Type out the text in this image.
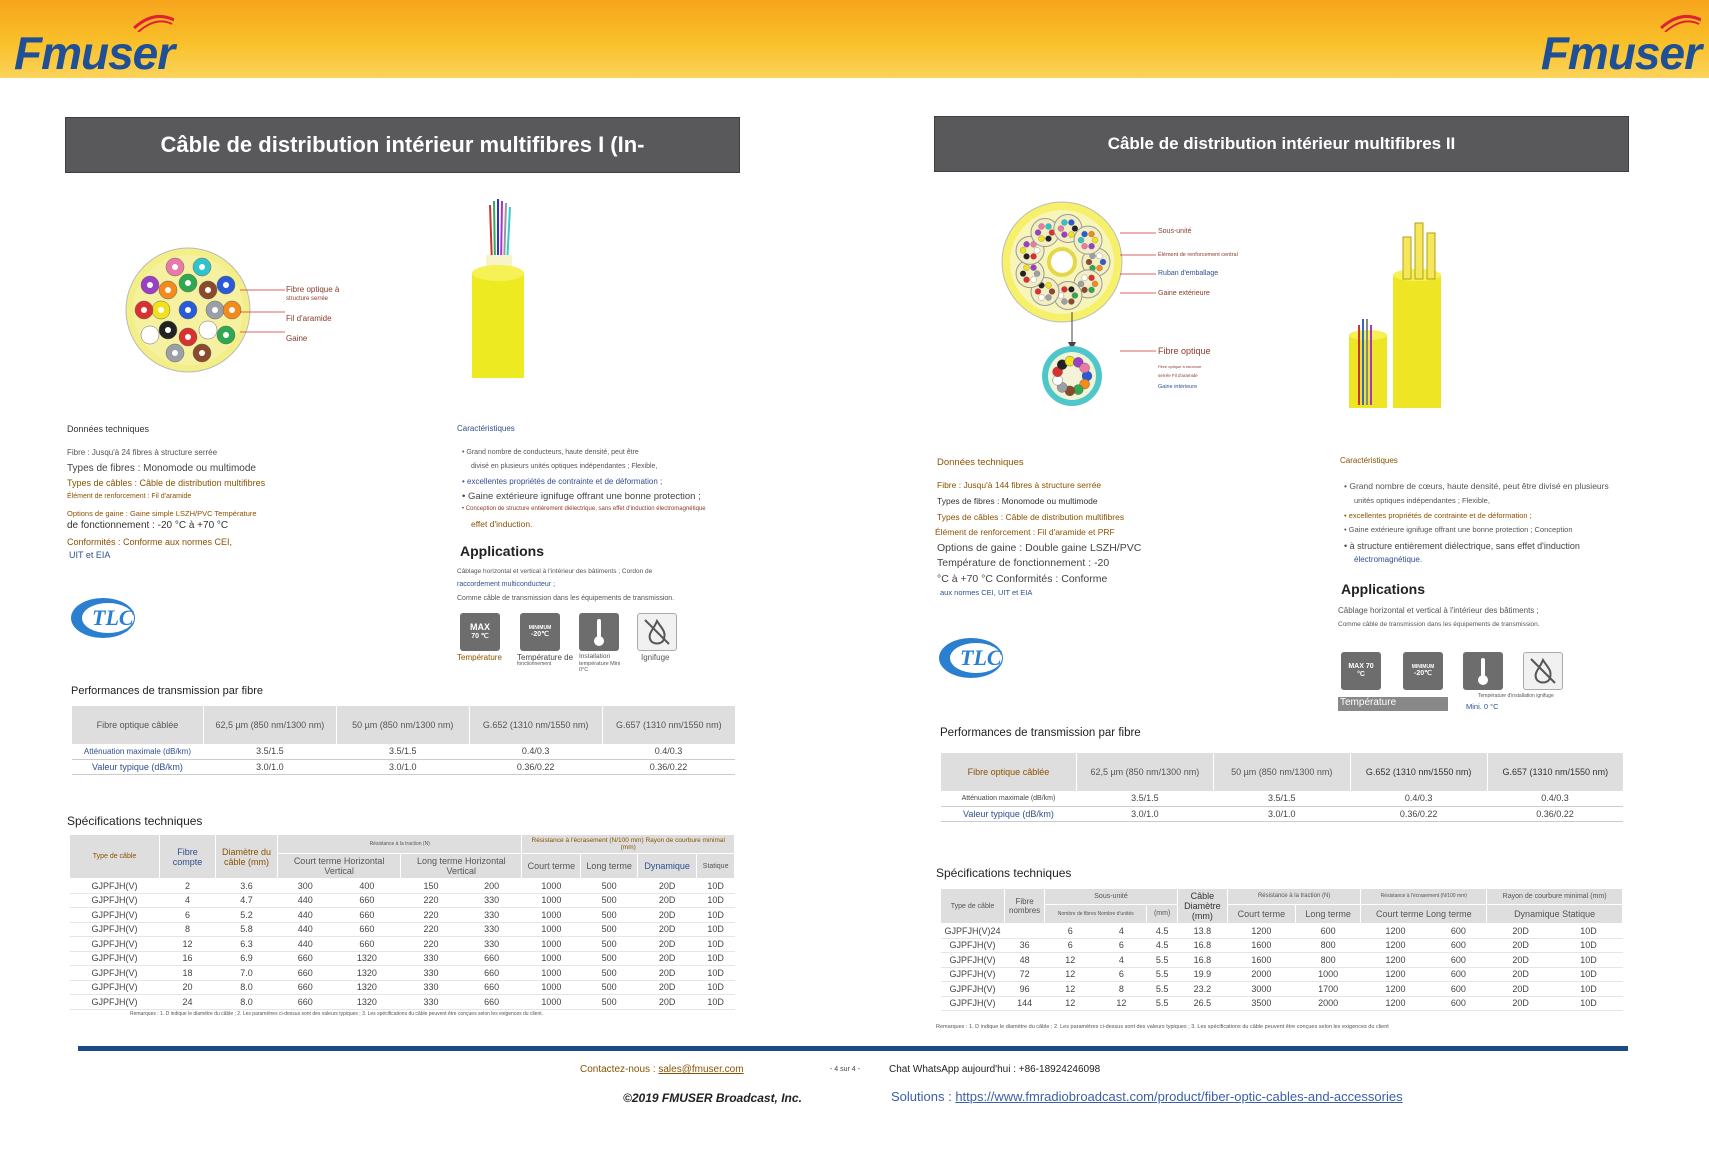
Fmuser	Fmuser
Câble de distribution intérieur multifibres I (In-
Fibre optique à
structure serrée
Fil d'aramide
Gaine
Données techniques
Fibre : Jusqu'à 24 fibres à structure serrée
Types de fibres : Monomode ou multimode
Types de câbles : Câble de distribution multifibres
Élément de renforcement : Fil d'aramide
Options de gaine : Gaine simple LSZH/PVC Température
de fonctionnement : -20 °C à +70 °C
Conformités : Conforme aux normes CEI,
UIT et EIA
Caractéristiques
• Grand nombre de conducteurs, haute densité, peut être
divisé en plusieurs unités optiques indépendantes ; Flexible,
• excellentes propriétés de contrainte et de déformation ;
• Gaine extérieure ignifuge offrant une bonne protection ;
• Conception de structure entièrement diélectrique, sans effet d'induction électromagnétique
effet d'induction.
Applications
Câblage horizontal et vertical à l'intérieur des bâtiments ; Cordon de
raccordement multiconducteur ;
Comme câble de transmission dans les équipements de transmission.
MAX
70 ℃
MINIMUM
-20℃
Température Température de
fonctionnement
Installation
température Mini 0°C
Ignifuge
TLC
Performances de transmission par fibre
Fibre optique câblée	62,5 µm (850 nm/1300 nm)	50 µm (850 nm/1300 nm)	G.652 (1310 nm/1550 nm)	G.657 (1310 nm/1550 nm)
Atténuation maximale (dB/km)	3.5/1.5	3.5/1.5	0.4/0.3	0.4/0.3
Valeur typique (dB/km)	3.0/1.0	3.0/1.0	0.36/0.22	0.36/0.22
Spécifications techniques
Type de câble	Fibre compte	Diamètre du câble (mm)	Résistance à la traction (N)				Résistance à l'écrasement (N/100 mm) Rayon de courbure minimal (mm)			
			Court terme Horizontal Vertical		Long terme Horizontal Vertical		Court terme	Long terme	Dynamique	Statique
GJPFJH(V)	2	3.6	300	400	150	200	1000	500	20D	10D
GJPFJH(V)	4	4.7	440	660	220	330	1000	500	20D	10D
GJPFJH(V)	6	5.2	440	660	220	330	1000	500	20D	10D
GJPFJH(V)	8	5.8	440	660	220	330	1000	500	20D	10D
GJPFJH(V)	12	6.3	440	660	220	330	1000	500	20D	10D
GJPFJH(V)	16	6.9	660	1320	330	660	1000	500	20D	10D
GJPFJH(V)	18	7.0	660	1320	330	660	1000	500	20D	10D
GJPFJH(V)	20	8.0	660	1320	330	660	1000	500	20D	10D
GJPFJH(V)	24	8.0	660	1320	330	660	1000	500	20D	10D
Remarques : 1. D indique le diamètre du câble ; 2. Les paramètres ci-dessus sont des valeurs typiques ; 3. Les spécifications du câble peuvent être conçues selon les exigences du client.
Câble de distribution intérieur multifibres II
Sous-unité
Élément de renforcement central
Ruban d'emballage
Gaine extérieure
Fibre optique
Fibre optique à structure
serrée Fil d'aramide
Gaine intérieure
Données techniques
Fibre : Jusqu'à 144 fibres à structure serrée
Types de fibres : Monomode ou multimode
Types de câbles : Câble de distribution multifibres
Élément de renforcement : Fil d'aramide et PRF
Options de gaine : Double gaine LSZH/PVC
Température de fonctionnement : -20
°C à +70 °C Conformités : Conforme
aux normes CEI, UIT et EIA
Caractéristiques
• Grand nombre de cœurs, haute densité, peut être divisé en plusieurs
unités optiques indépendantes ; Flexible,
• excellentes propriétés de contrainte et de déformation ;
• Gaine extérieure ignifuge offrant une bonne protection ; Conception
• à structure entièrement diélectrique, sans effet d'induction
électromagnétique.
Applications
Câblage horizontal et vertical à l'intérieur des bâtiments ;
Comme câble de transmission dans les équipements de transmission.
MAX 70
°C
MINIMUM
-20℃
Température
Température d'installation ignifuge
Mini. 0 °C
TLC
Performances de transmission par fibre
Fibre optique câblée	62,5 µm (850 nm/1300 nm)	50 µm (850 nm/1300 nm)	G.652 (1310 nm/1550 nm)	G.657 (1310 nm/1550 nm)
Atténuation maximale (dB/km)	3.5/1.5	3.5/1.5	0.4/0.3	0.4/0.3
Valeur typique (dB/km)	3.0/1.0	3.0/1.0	0.36/0.22	0.36/0.22
Spécifications techniques
Type de câble	Fibre nombres	Sous-unité			Câble Diamètre (mm)	Résistance à la traction (N)		Résistance à l'écrasement (N/100 mm)		Rayon de courbure minimal (mm)	
		Nombre de fibres Nombre d'unités		(mm)		Court terme	Long terme	Court terme Long terme		Dynamique Statique	
GJPFJH(V)24		6	4	4.5	13.8	1200	600	1200	600	20D	10D
GJPFJH(V)	36	6	6	4.5	16.8	1600	800	1200	600	20D	10D
GJPFJH(V)	48	12	4	5.5	16.8	1600	800	1200	600	20D	10D
GJPFJH(V)	72	12	6	5.5	19.9	2000	1000	1200	600	20D	10D
GJPFJH(V)	96	12	8	5.5	23.2	3000	1700	1200	600	20D	10D
GJPFJH(V)	144	12	12	5.5	26.5	3500	2000	1200	600	20D	10D
Remarques : 1. D indique le diamètre du câble ; 2. Les paramètres ci-dessus sont des valeurs typiques ; 3. Les spécifications du câble peuvent être conçues selon les exigences du client
Contactez-nous : sales@fmuser.com	- 4 sur 4 -	Chat WhatsApp aujourd'hui : +86-18924246098
©2019 FMUSER Broadcast, Inc.	Solutions : https://www.fmradiobroadcast.com/product/fiber-optic-cables-and-accessories
